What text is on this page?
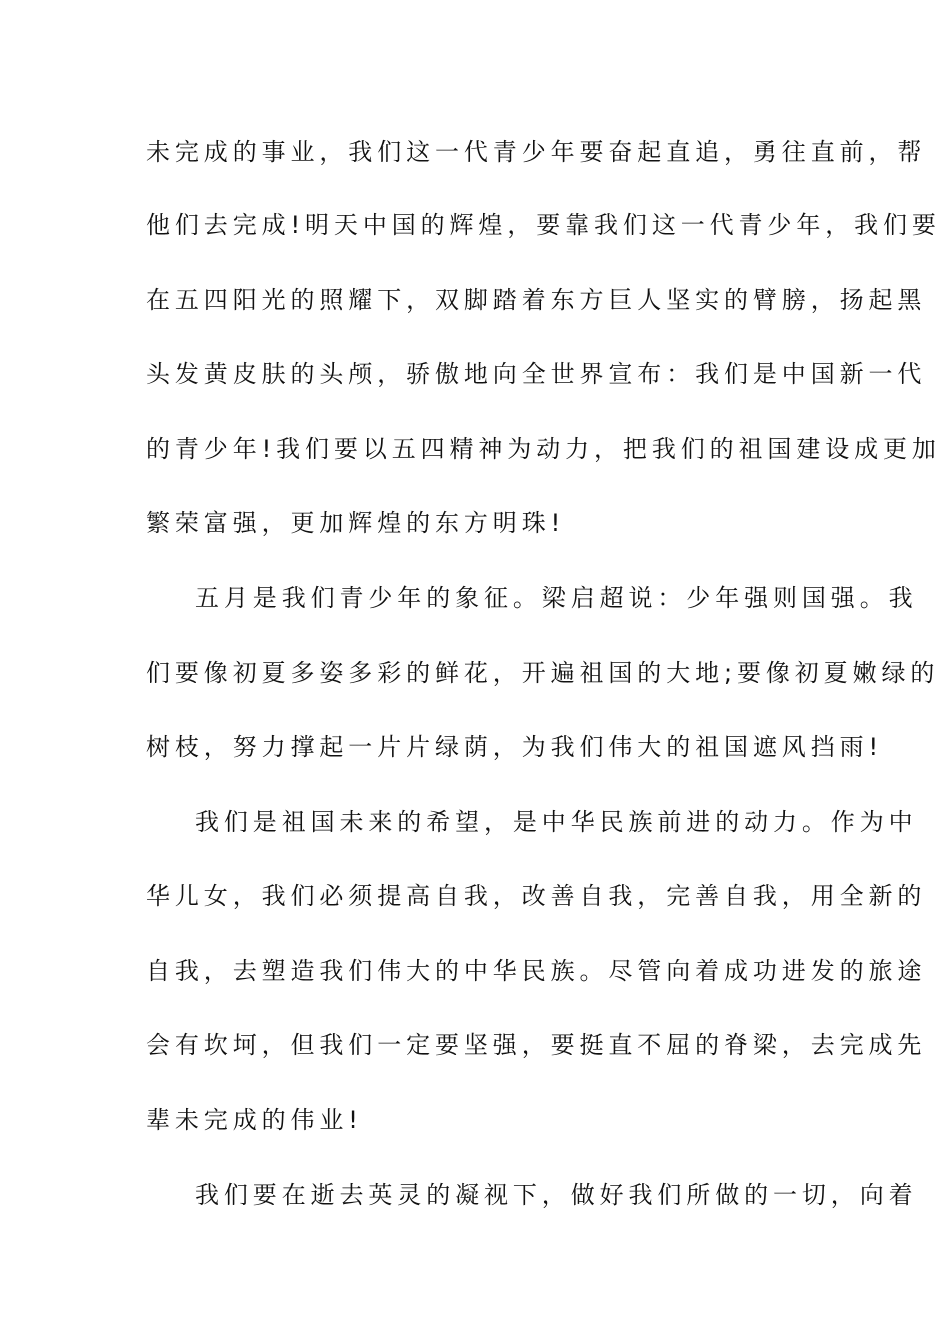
未完成的事业，我们这一代青少年要奋起直追，勇往直前，帮
他们去完成!明天中国的辉煌，要靠我们这一代青少年，我们要
在五四阳光的照耀下，双脚踏着东方巨人坚实的臂膀，扬起黑
头发黄皮肤的头颅，骄傲地向全世界宣布：我们是中国新一代
的青少年!我们要以五四精神为动力，把我们的祖国建设成更加
繁荣富强，更加辉煌的东方明珠!
五月是我们青少年的象征。梁启超说：少年强则国强。我
们要像初夏多姿多彩的鲜花，开遍祖国的大地;要像初夏嫩绿的
树枝，努力撑起一片片绿荫，为我们伟大的祖国遮风挡雨!
我们是祖国未来的希望，是中华民族前进的动力。作为中
华儿女，我们必须提高自我，改善自我，完善自我，用全新的
自我，去塑造我们伟大的中华民族。尽管向着成功进发的旅途
会有坎坷，但我们一定要坚强，要挺直不屈的脊梁，去完成先
辈未完成的伟业!
我们要在逝去英灵的凝视下，做好我们所做的一切，向着
